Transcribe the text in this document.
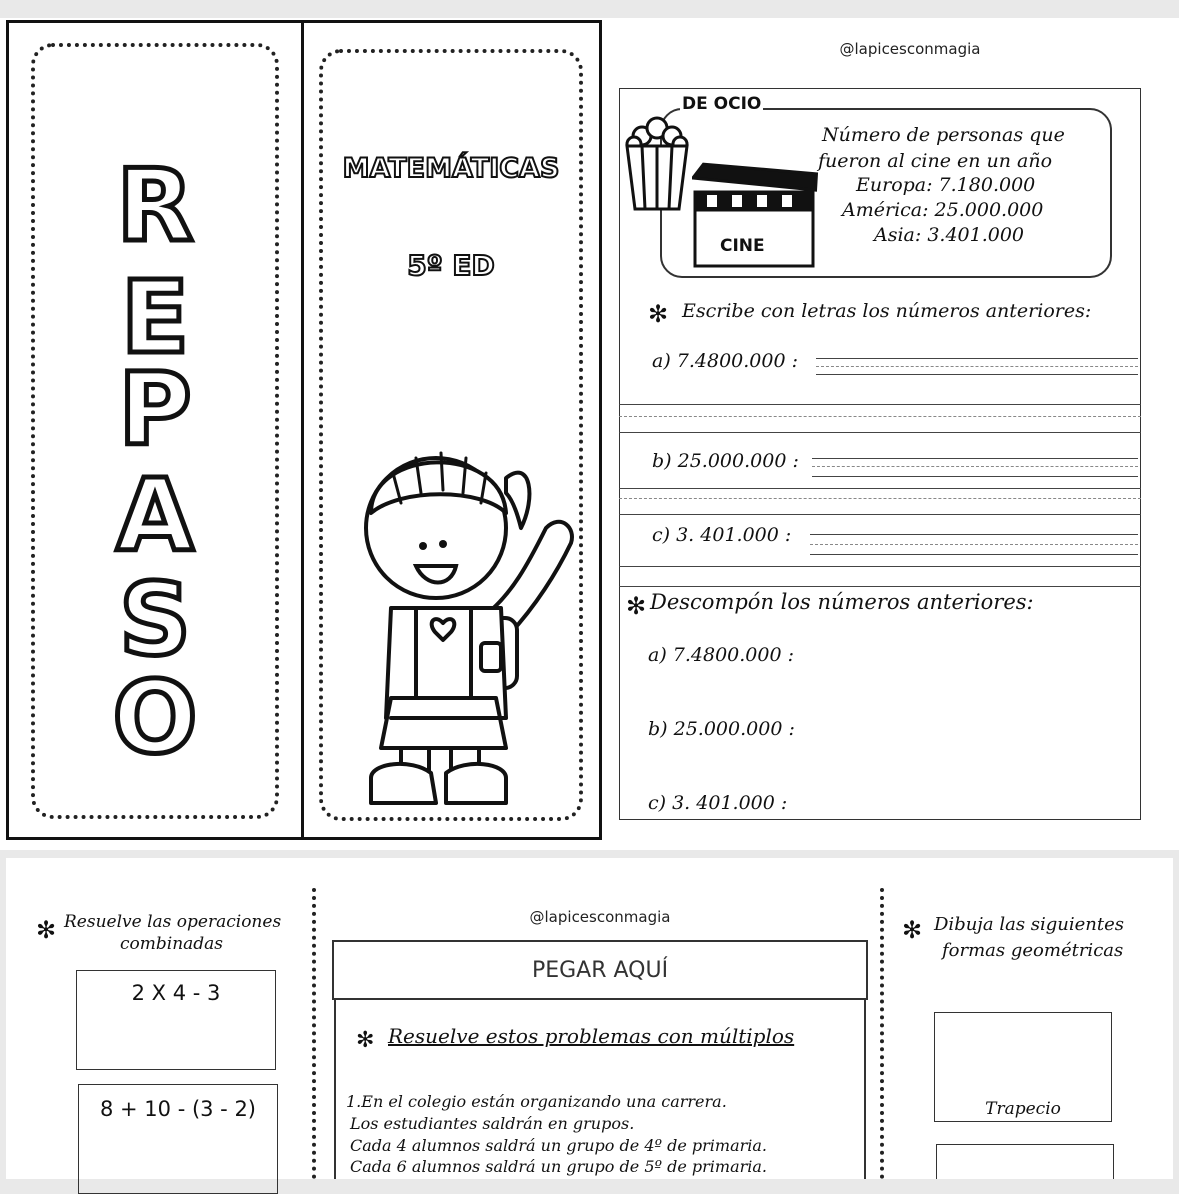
R
E
P
A
S
O
MATEMÁTICAS
5º ED
@lapicesconmagia
DE OCIO
CINE
Número de personas que
fueron al cine en un año
Europa: 7.180.000
América: 25.000.000
Asia: 3.401.000
✻ Escribe con letras los números anteriores:
a) 7.4800.000 :
b) 25.000.000 :
c) 3. 401.000 :
✻ Descompón los números anteriores:
a) 7.4800.000 :
b) 25.000.000 :
c) 3. 401.000 :
✻ Resuelve las operaciones
combinadas
2 X 4 - 3
8 + 10 - (3 - 2)
@lapicesconmagia
PEGAR AQUÍ
✻ Resuelve estos problemas con múltiplos
1.En el colegio están organizando una carrera.
Los estudiantes saldrán en grupos.
Cada 4 alumnos saldrá un grupo de 4º de primaria.
Cada 6 alumnos saldrá un grupo de 5º de primaria.
✻ Dibuja las siguientes
formas geométricas
Trapecio
